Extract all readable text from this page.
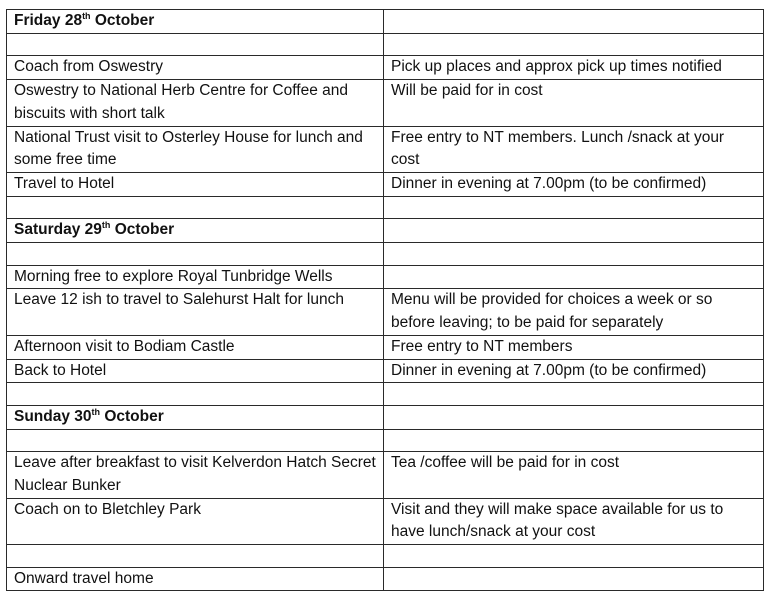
Friday 28th October	

Coach from Oswestry	Pick up places and approx pick up times notified
Oswestry to National Herb Centre for Coffee and biscuits with short talk	Will be paid for in cost
National Trust visit to Osterley House for lunch and some free time	Free entry to NT members. Lunch /snack at your cost
Travel to Hotel	Dinner in evening at 7.00pm (to be confirmed)

Saturday 29th October	

Morning free to explore Royal Tunbridge Wells	
Leave 12 ish to travel to Salehurst Halt for lunch	Menu will be provided for choices a week or so before leaving; to be paid for separately
Afternoon visit to Bodiam Castle	Free entry to NT members
Back to Hotel	Dinner in evening at 7.00pm (to be confirmed)

Sunday 30th October	

Leave after breakfast to visit Kelverdon Hatch Secret Nuclear Bunker	Tea /coffee will be paid for in cost
Coach on to Bletchley Park	Visit and they will make space available for us to have lunch/snack at your cost

Onward travel home	
